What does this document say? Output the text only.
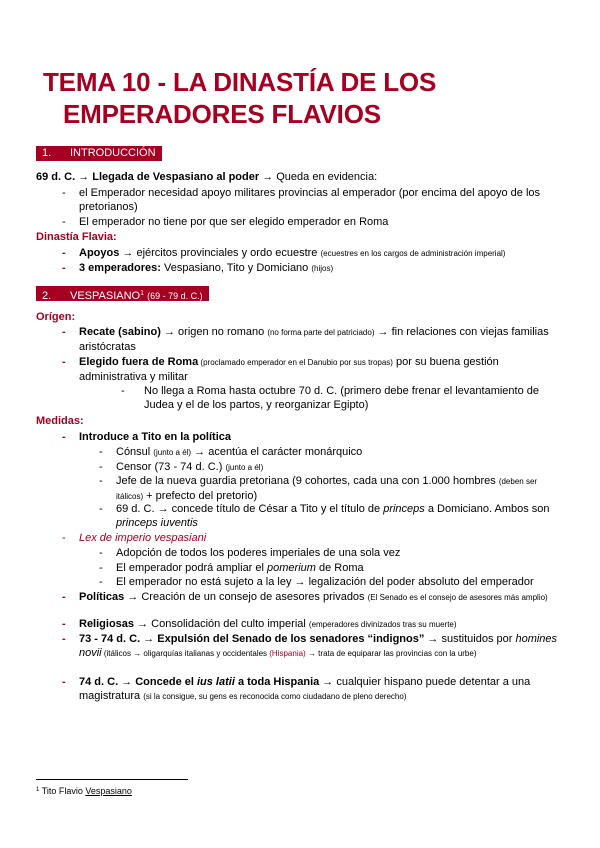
TEMA 10 - LA DINASTÍA DE LOS
EMPERADORES FLAVIOS
1. INTRODUCCIÓN
69 d. C. → Llegada de Vespasiano al poder → Queda en evidencia:
- el Emperador necesidad apoyo militares provincias al emperador (por encima del apoyo de los pretorianos)
- El emperador no tiene por que ser elegido emperador en Roma
Dinastía Flavia:
- Apoyos → ejércitos provinciales y ordo ecuestre (ecuestres en los cargos de administración imperial)
- 3 emperadores: Vespasiano, Tito y Domiciano (hijos)
2. VESPASIANO$^1$ (69 - 79 d. C.)
Orígen:
- Recate (sabino) → origen no romano (no forma parte del patriciado) → fin relaciones con viejas familias aristócratas
- Elegido fuera de Roma (proclamado emperador en el Danubio por sus tropas) por su buena gestión administrativa y militar
- No llega a Roma hasta octubre 70 d. C. (primero debe frenar el levantamiento de Judea y el de los partos, y reorganizar Egipto)
Medidas:
- Introduce a Tito en la política
- Cónsul (junto a él) → acentúa el carácter monárquico
- Censor (73 - 74 d. C.) (junto a él)
- Jefe de la nueva guardia pretoriana (9 cohortes, cada una con 1.000 hombres (deben ser itálicos) + prefecto del pretorio)
- 69 d. C. → concede título de César a Tito y el título de princeps a Domiciano. Ambos son princeps iuventis
- Lex de imperio vespasiani
- Adopción de todos los poderes imperiales de una sola vez
- El emperador podrá ampliar el pomerium de Roma
- El emperador no está sujeto a la ley → legalización del poder absoluto del emperador
- Políticas → Creación de un consejo de asesores privados (El Senado es el consejo de asesores más amplio)
- Religiosas → Consolidación del culto imperial (emperadores divinizados tras su muerte)
- 73 - 74 d. C. → Expulsión del Senado de los senadores “indignos” → sustituidos por homines novii (itálicos → oligarquías italianas y occidentales (Hispania) → trata de equiparar las provincias con la urbe)
- 74 d. C. → Concede el ius latii a toda Hispania → cualquier hispano puede detentar a una magistratura (si la consigue, su gens es reconocida como ciudadano de pleno derecho)
$^1$ Tito Flavio Vespasiano
